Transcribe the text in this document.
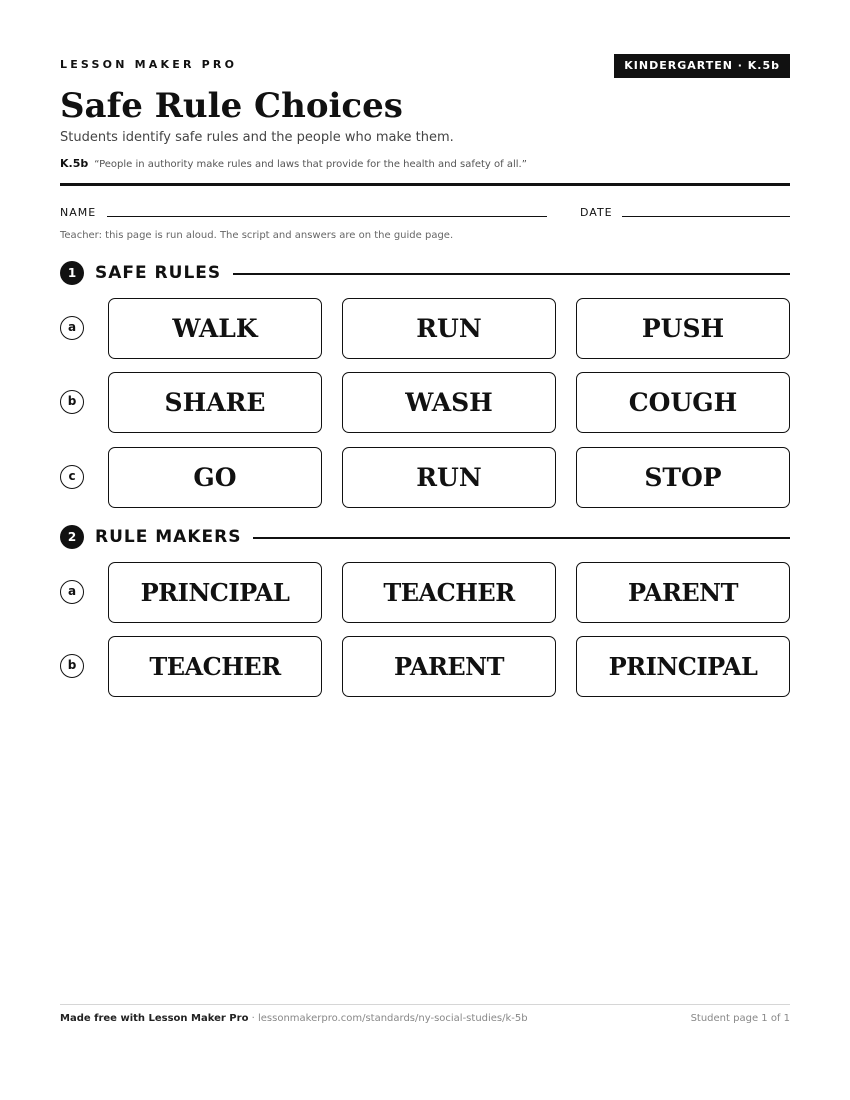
LESSON MAKER PRO	KINDERGARTEN · K.5b
Safe Rule Choices
Students identify safe rules and the people who make them.
K.5b “People in authority make rules and laws that provide for the health and safety of all.”
NAME	DATE
Teacher: this page is run aloud. The script and answers are on the guide page.
1	SAFE RULES
a	WALK	RUN	PUSH
b	SHARE	WASH	COUGH
c	GO	RUN	STOP
2	RULE MAKERS
a	PRINCIPAL	TEACHER	PARENT
b	TEACHER	PARENT	PRINCIPAL
Made free with Lesson Maker Pro · lessonmakerpro.com/standards/ny-social-studies/k-5b	Student page 1 of 1
